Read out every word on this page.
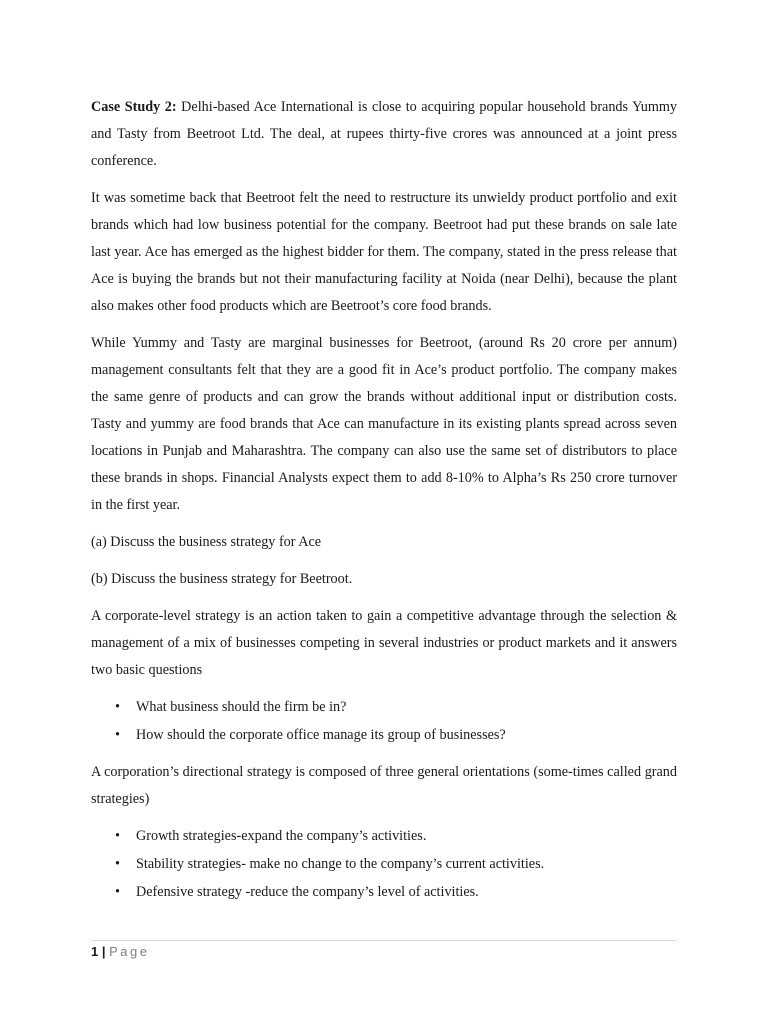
Case Study 2: Delhi-based Ace International is close to acquiring popular household brands Yummy and Tasty from Beetroot Ltd. The deal, at rupees thirty-five crores was announced at a joint press conference.

It was sometime back that Beetroot felt the need to restructure its unwieldy product portfolio and exit brands which had low business potential for the company. Beetroot had put these brands on sale late last year. Ace has emerged as the highest bidder for them. The company, stated in the press release that Ace is buying the brands but not their manufacturing facility at Noida (near Delhi), because the plant also makes other food products which are Beetroot’s core food brands.

While Yummy and Tasty are marginal businesses for Beetroot, (around Rs 20 crore per annum) management consultants felt that they are a good fit in Ace’s product portfolio. The company makes the same genre of products and can grow the brands without additional input or distribution costs. Tasty and yummy are food brands that Ace can manufacture in its existing plants spread across seven locations in Punjab and Maharashtra. The company can also use the same set of distributors to place these brands in shops. Financial Analysts expect them to add 8-10% to Alpha’s Rs 250 crore turnover in the first year.

(a) Discuss the business strategy for Ace
(b) Discuss the business strategy for Beetroot.

A corporate-level strategy is an action taken to gain a competitive advantage through the selection & management of a mix of businesses competing in several industries or product markets and it answers two basic questions

• What business should the firm be in?
• How should the corporate office manage its group of businesses?

A corporation’s directional strategy is composed of three general orientations (some-times called grand strategies)

• Growth strategies-expand the company’s activities.
• Stability strategies- make no change to the company’s current activities.
• Defensive strategy -reduce the company’s level of activities.
1 | Page
